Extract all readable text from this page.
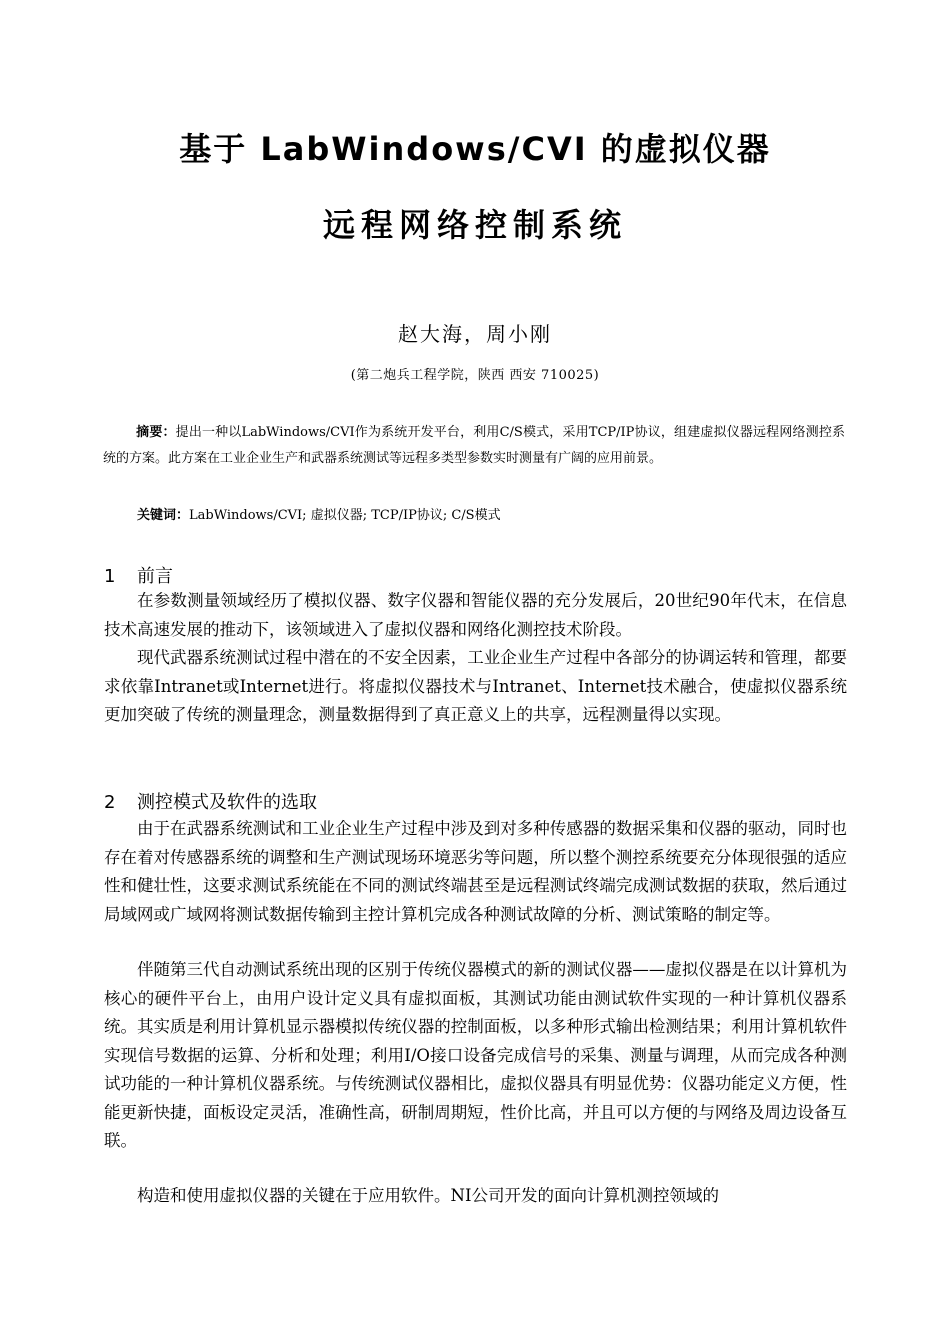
基于 LabWindows/CVI 的虚拟仪器
远程网络控制系统
赵大海，周小刚
(第二炮兵工程学院，陕西 西安 710025)
摘要：提出一种以LabWindows/CVI作为系统开发平台，利用C/S模式，采用TCP/IP协议，组建虚拟仪器远程网络测控系统的方案。此方案在工业企业生产和武器系统测试等远程多类型参数实时测量有广阔的应用前景。
关键词：LabWindows/CVI; 虚拟仪器; TCP/IP协议; C/S模式
1 前言

在参数测量领域经历了模拟仪器、数字仪器和智能仪器的充分发展后，20世纪90年代末，在信息技术高速发展的推动下，该领域进入了虚拟仪器和网络化测控技术阶段。

现代武器系统测试过程中潜在的不安全因素，工业企业生产过程中各部分的协调运转和管理，都要求依靠Intranet或Internet进行。将虚拟仪器技术与Intranet、Internet技术融合，使虚拟仪器系统更加突破了传统的测量理念，测量数据得到了真正意义上的共享，远程测量得以实现。

2 测控模式及软件的选取

由于在武器系统测试和工业企业生产过程中涉及到对多种传感器的数据采集和仪器的驱动，同时也存在着对传感器系统的调整和生产测试现场环境恶劣等问题，所以整个测控系统要充分体现很强的适应性和健壮性，这要求测试系统能在不同的测试终端甚至是远程测试终端完成测试数据的获取，然后通过局域网或广域网将测试数据传输到主控计算机完成各种测试故障的分析、测试策略的制定等。

伴随第三代自动测试系统出现的区别于传统仪器模式的新的测试仪器——虚拟仪器是在以计算机为核心的硬件平台上，由用户设计定义具有虚拟面板，其测试功能由测试软件实现的一种计算机仪器系统。其实质是利用计算机显示器模拟传统仪器的控制面板，以多种形式输出检测结果；利用计算机软件实现信号数据的运算、分析和处理；利用I/O接口设备完成信号的采集、测量与调理，从而完成各种测试功能的一种计算机仪器系统。与传统测试仪器相比，虚拟仪器具有明显优势：仪器功能定义方便，性能更新快捷，面板设定灵活，准确性高，研制周期短，性价比高，并且可以方便的与网络及周边设备互联。

构造和使用虚拟仪器的关键在于应用软件。NI公司开发的面向计算机测控领域的
